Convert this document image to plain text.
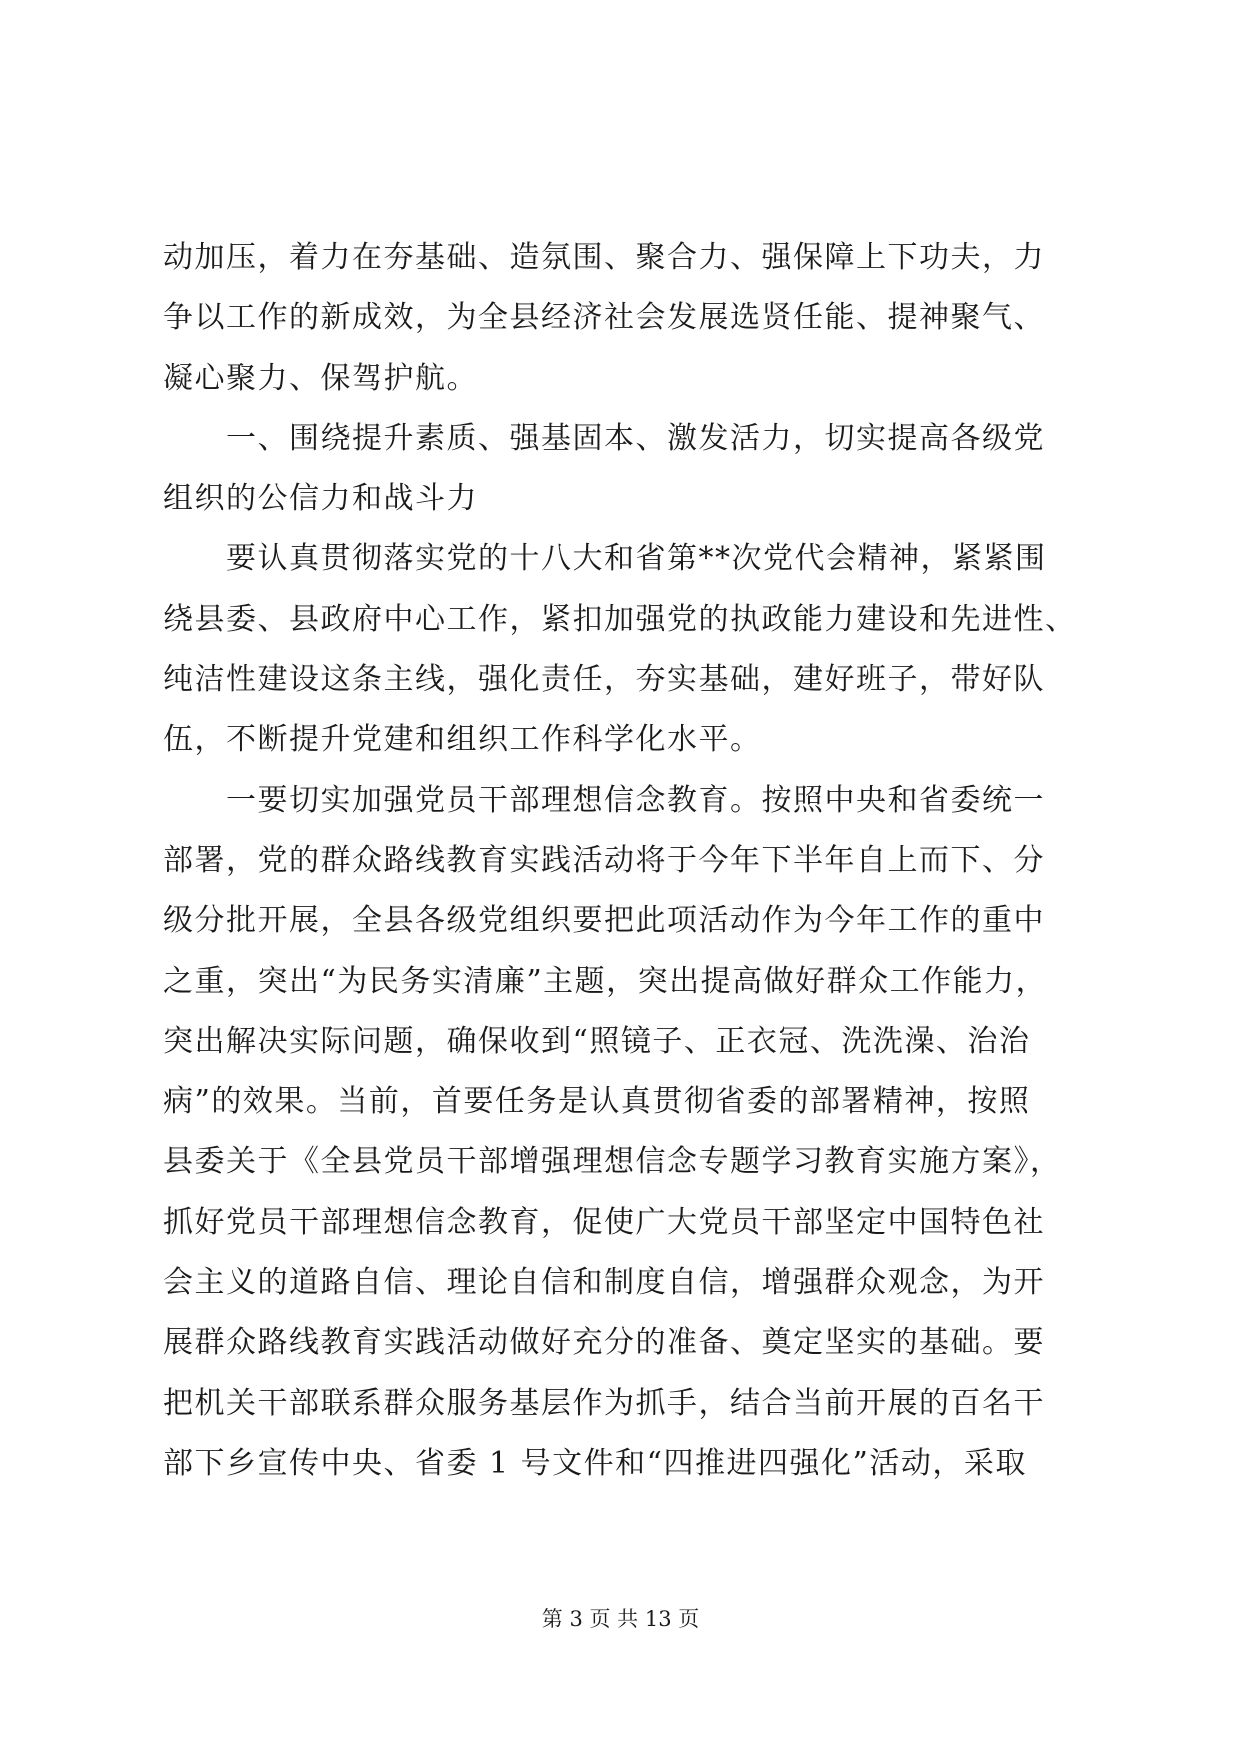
动加压，着力在夯基础、造氛围、聚合力、强保障上下功夫，力
争以工作的新成效，为全县经济社会发展选贤任能、提神聚气、
凝心聚力、保驾护航。
　　一、围绕提升素质、强基固本、激发活力，切实提高各级党
组织的公信力和战斗力
　　要认真贯彻落实党的十八大和省第**次党代会精神，紧紧围
绕县委、县政府中心工作，紧扣加强党的执政能力建设和先进性、
纯洁性建设这条主线，强化责任，夯实基础，建好班子，带好队
伍，不断提升党建和组织工作科学化水平。
　　一要切实加强党员干部理想信念教育。按照中央和省委统一
部署，党的群众路线教育实践活动将于今年下半年自上而下、分
级分批开展，全县各级党组织要把此项活动作为今年工作的重中
之重，突出“为民务实清廉”主题，突出提高做好群众工作能力，
突出解决实际问题，确保收到“照镜子、正衣冠、洗洗澡、治治
病”的效果。当前，首要任务是认真贯彻省委的部署精神，按照
县委关于《全县党员干部增强理想信念专题学习教育实施方案》，
抓好党员干部理想信念教育，促使广大党员干部坚定中国特色社
会主义的道路自信、理论自信和制度自信，增强群众观念，为开
展群众路线教育实践活动做好充分的准备、奠定坚实的基础。要
把机关干部联系群众服务基层作为抓手，结合当前开展的百名干
部下乡宣传中央、省委 1 号文件和“四推进四强化”活动，采取
第 3 页 共 13 页
